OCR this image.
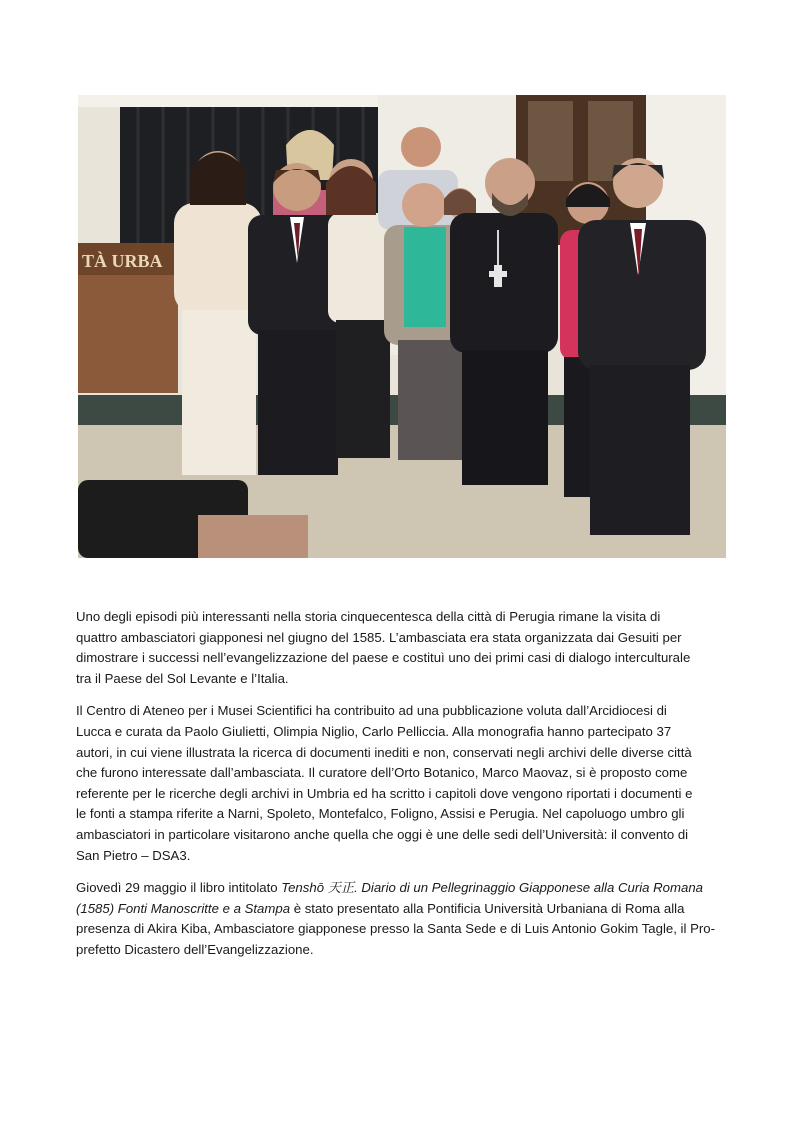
TÀ URBA

Uno degli episodi più interessanti nella storia cinquecentesca della città di Perugia rimane la visita di
quattro ambasciatori giapponesi nel giugno del 1585. L’ambasciata era stata organizzata dai Gesuiti per
dimostrare i successi nell’evangelizzazione del paese e costituì uno dei primi casi di dialogo interculturale
tra il Paese del Sol Levante e l’Italia.

Il Centro di Ateneo per i Musei Scientifici ha contribuito ad una pubblicazione voluta dall’Arcidiocesi di
Lucca e curata da Paolo Giulietti, Olimpia Niglio, Carlo Pelliccia. Alla monografia hanno partecipato 37
autori, in cui viene illustrata la ricerca di documenti inediti e non, conservati negli archivi delle diverse città
che furono interessate dall’ambasciata. Il curatore dell’Orto Botanico, Marco Maovaz, si è proposto come
referente per le ricerche degli archivi in Umbria ed ha scritto i capitoli dove vengono riportati i documenti e
le fonti a stampa riferite a Narni, Spoleto, Montefalco, Foligno, Assisi e Perugia. Nel capoluogo umbro gli
ambasciatori in particolare visitarono anche quella che oggi è une delle sedi dell’Università: il convento di
San Pietro – DSA3.

Giovedì 29 maggio il libro intitolato Tenshō 天正. Diario di un Pellegrinaggio Giapponese alla Curia Romana
(1585) Fonti Manoscritte e a Stampa è stato presentato alla Pontificia Università Urbaniana di Roma alla
presenza di Akira Kiba, Ambasciatore giapponese presso la Santa Sede e di Luis Antonio Gokim Tagle, il Pro-
prefetto Dicastero dell’Evangelizzazione.
